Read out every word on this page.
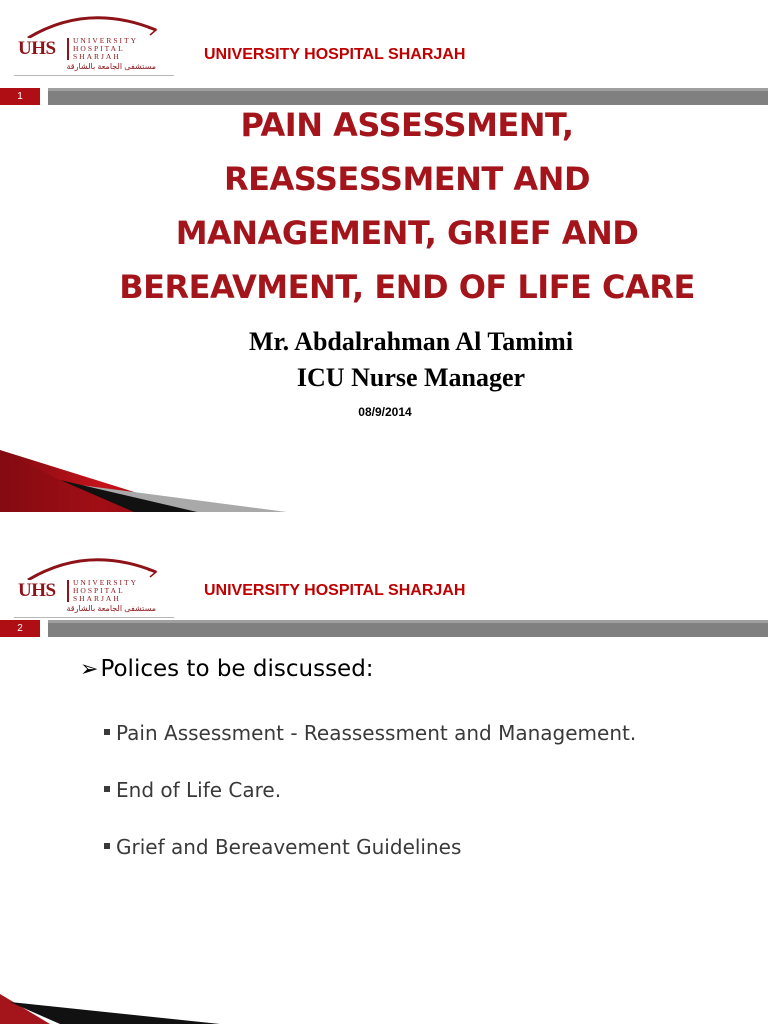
UHS UNIVERSITY
HOSPITAL
SHARJAH
مستشفى الجامعة بالشارقة
UNIVERSITY HOSPITAL SHARJAH
1
PAIN ASSESSMENT,
REASSESSMENT AND
MANAGEMENT, GRIEF AND
BEREAVMENT, END OF LIFE CARE
Mr. Abdalrahman Al Tamimi
ICU Nurse Manager
08/9/2014
UHS UNIVERSITY
HOSPITAL
SHARJAH
مستشفى الجامعة بالشارقة
UNIVERSITY HOSPITAL SHARJAH
2
➢Polices to be discussed:
Pain Assessment - Reassessment and Management.
End of Life Care.
Grief and Bereavement Guidelines
